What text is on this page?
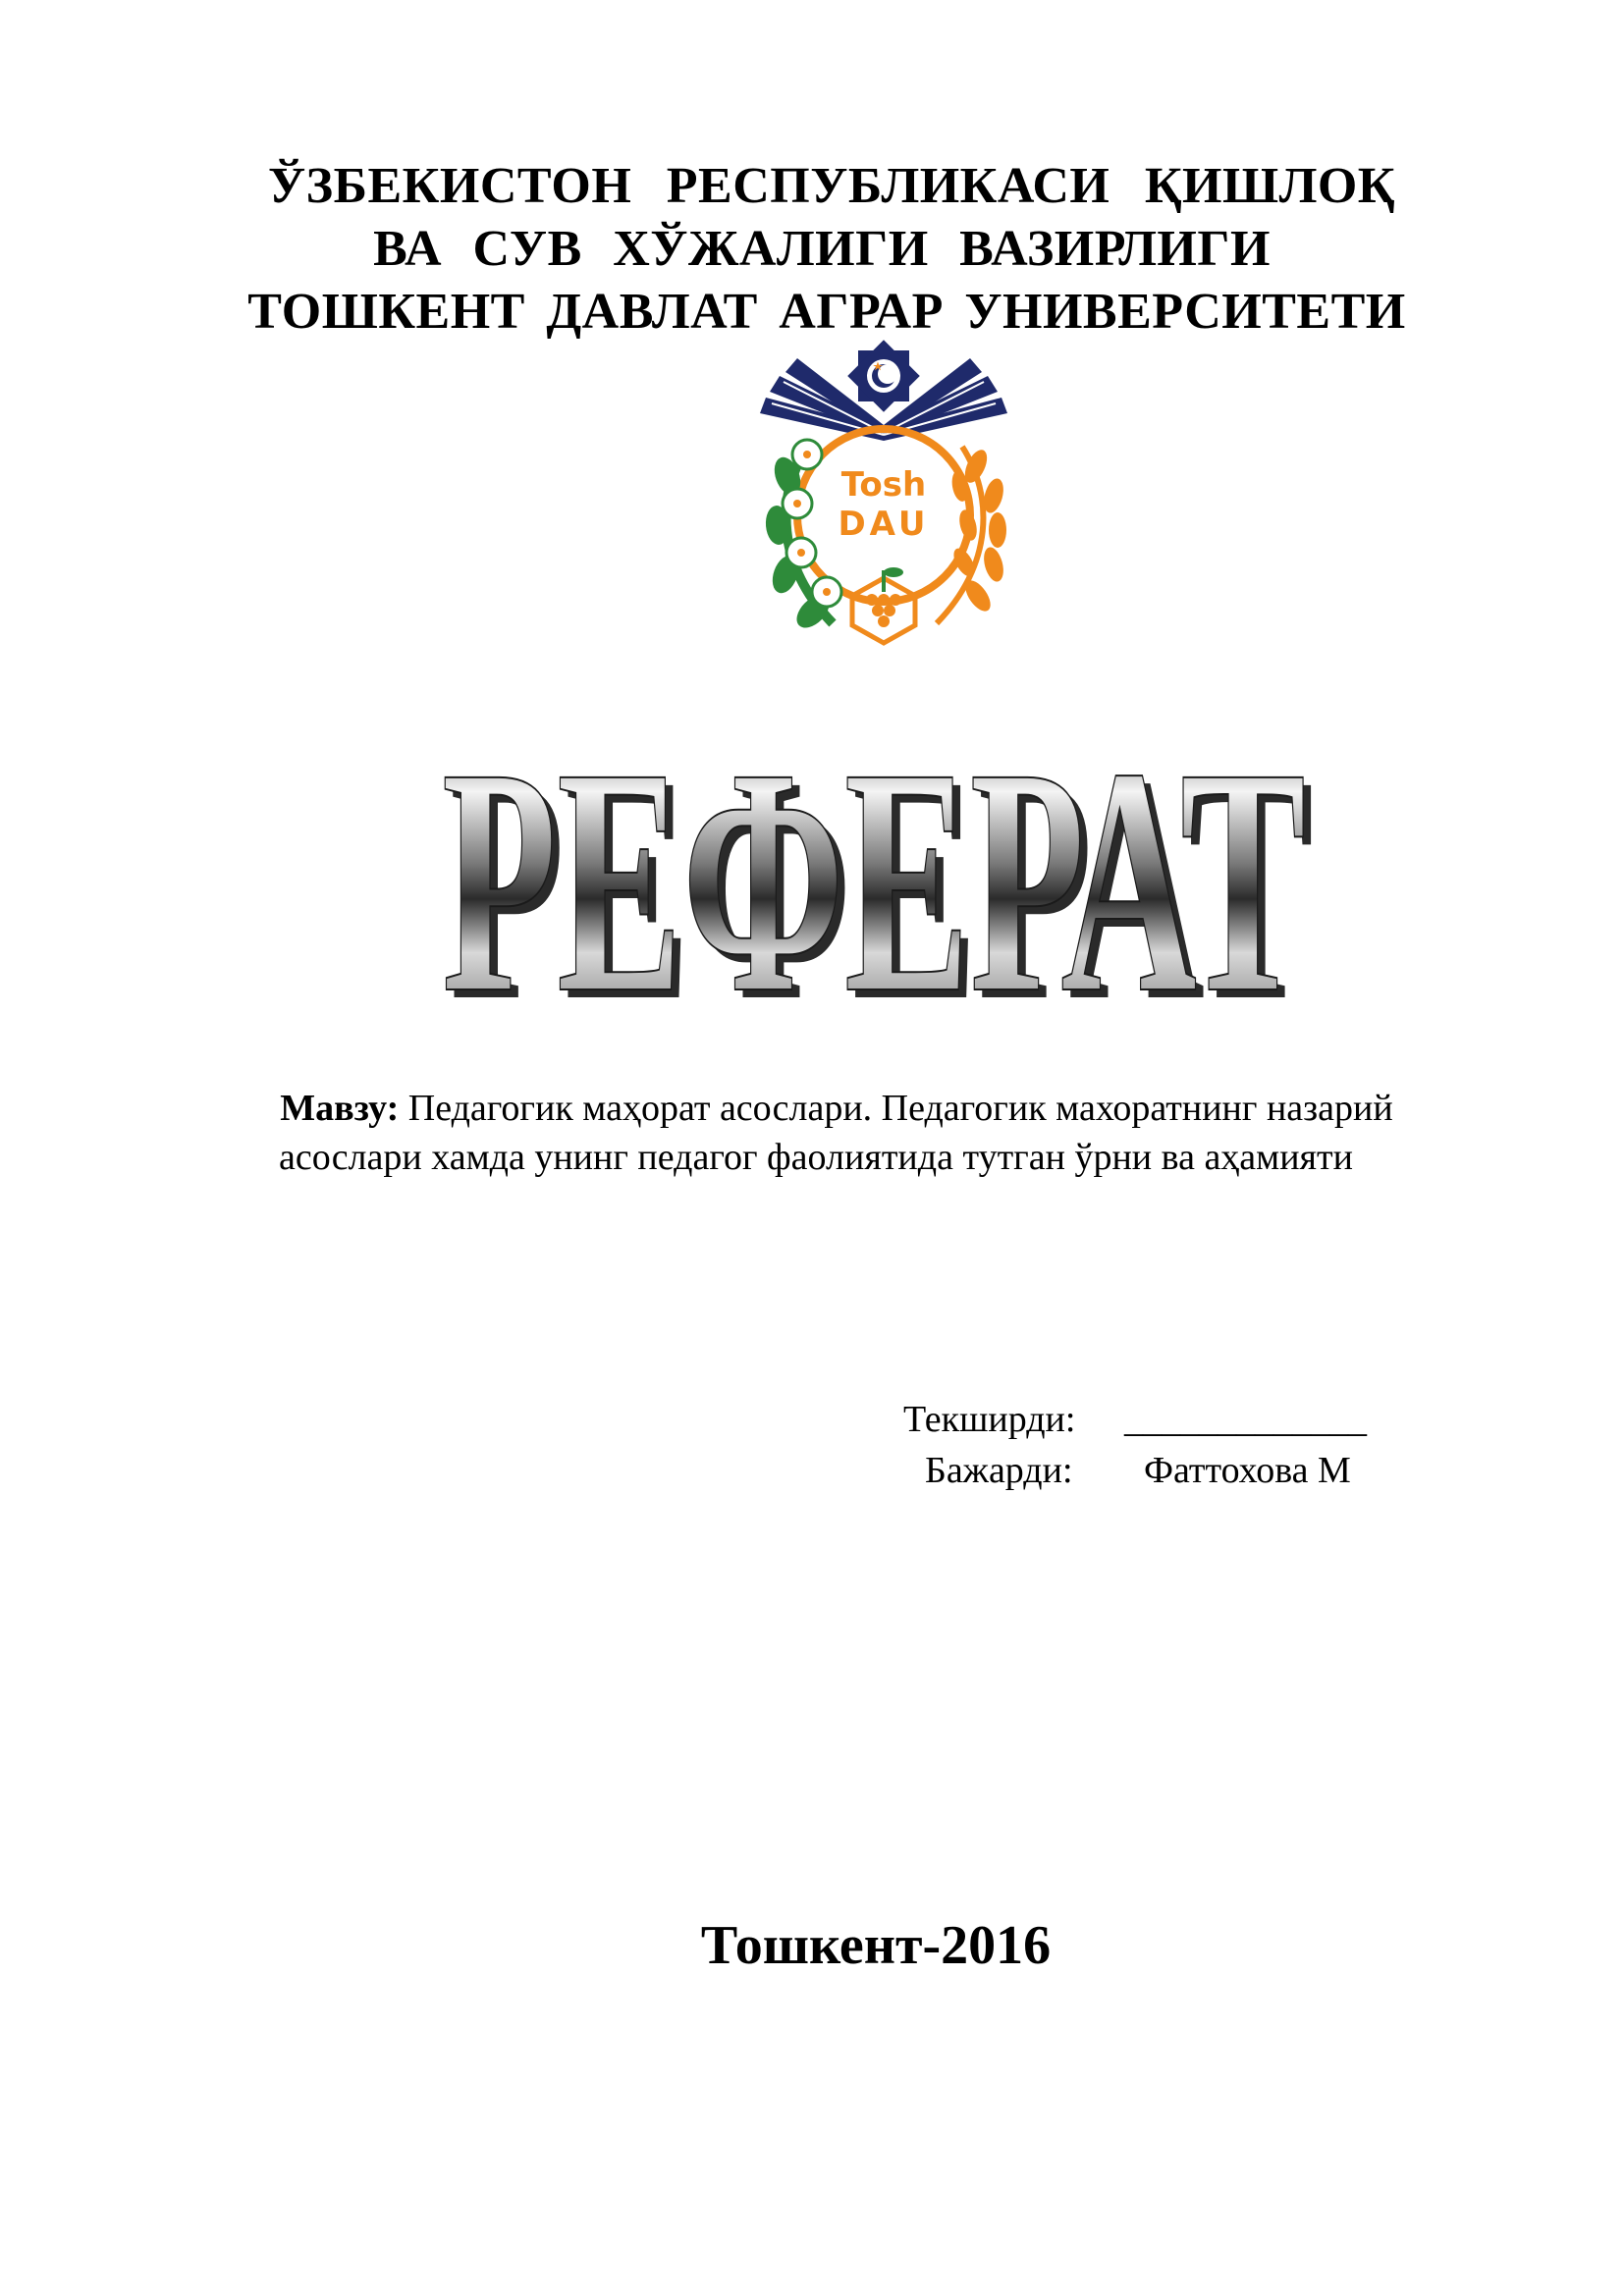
ЎЗБЕКИСТОН РЕСПУБЛИКАСИ ҚИШЛОҚ
ВА СУВ ХЎЖАЛИГИ ВАЗИРЛИГИ
ТОШКЕНТ ДАВЛАТ АГРАР УНИВЕРСИТЕТИ
Tosh
DAU
РЕФЕРАТ
РЕФЕРАТ
Мавзу: Педагогик маҳорат асослари. Педагогик махоратнинг назарий
асослари хамда унинг педагог фаолиятида тутган ўрни ва аҳамияти
Текширди: _____________
Бажарди: Фаттохова М
Тошкент-2016
